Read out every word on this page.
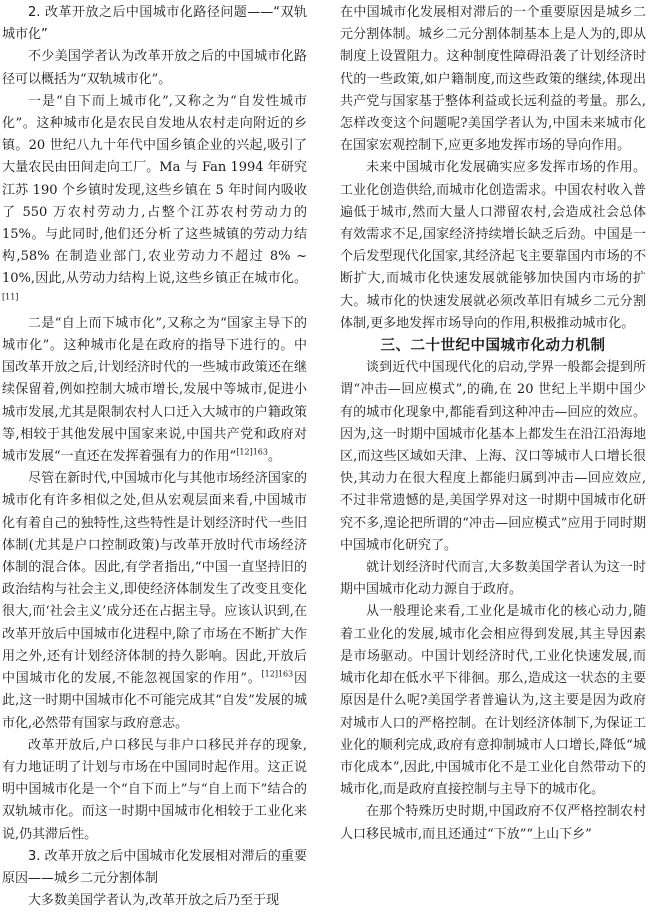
2. 改革开放之后中国城市化路径问题——“双轨城市化”

不少美国学者认为改革开放之后的中国城市化路径可以概括为“双轨城市化”。

一是“自下而上城市化”,又称之为“自发性城市化”。这种城市化是农民自发地从农村走向附近的乡镇。20 世纪八九十年代中国乡镇企业的兴起,吸引了大量农民由田间走向工厂。Ma 与 Fan 1994 年研究江苏 190 个乡镇时发现,这些乡镇在 5 年时间内吸收了 550 万农村劳动力,占整个江苏农村劳动力的 15%。与此同时,他们还分析了这些城镇的劳动力结构,58% 在制造业部门,农业劳动力不超过 8% ~ 10%,因此,从劳动力结构上说,这些乡镇正在城市化。[11]

二是“自上而下城市化”,又称之为“国家主导下的城市化”。这种城市化是在政府的指导下进行的。中国改革开放之后,计划经济时代的一些城市政策还在继续保留着,例如控制大城市增长,发展中等城市,促进小城市发展,尤其是限制农村人口迁入大城市的户籍政策等,相较于其他发展中国家来说,中国共产党和政府对城市发展“一直还在发挥着强有力的作用”$^{[12]163}$。

尽管在新时代,中国城市化与其他市场经济国家的城市化有许多相似之处,但从宏观层面来看,中国城市化有着自己的独特性,这些特性是计划经济时代一些旧体制(尤其是户口控制政策)与改革开放时代市场经济体制的混合体。因此,有学者指出,“中国一直坚持旧的政治结构与社会主义,即使经济体制发生了改变且变化很大,而‘社会主义’成分还在占据主导。应该认识到,在改革开放后中国城市化进程中,除了市场在不断扩大作用之外,还有计划经济体制的持久影响。因此,开放后中国城市化的发展,不能忽视国家的作用”。$^{[12]163}$因此,这一时期中国城市化不可能完成其“自发”发展的城市化,必然带有国家与政府意志。

改革开放后,户口移民与非户口移民并存的现象,有力地证明了计划与市场在中国同时起作用。这正说明中国城市化是一个“自下而上”与“自上而下”结合的双轨城市化。而这一时期中国城市化相较于工业化来说,仍其滞后性。

3. 改革开放之后中国城市化发展相对滞后的重要原因——城乡二元分割体制

大多数美国学者认为,改革开放之后乃至于现

在中国城市化发展相对滞后的一个重要原因是城乡二元分割体制。城乡二元分割体制基本上是人为的,即从制度上设置阻力。这种制度性障碍沿袭了计划经济时代的一些政策,如户籍制度,而这些政策的继续,体现出共产党与国家基于整体利益或长远利益的考量。那么,怎样改变这个问题呢?美国学者认为,中国未来城市化在国家宏观控制下,应更多地发挥市场的导向作用。

未来中国城市化发展确实应多发挥市场的作用。工业化创造供给,而城市化创造需求。中国农村收入普遍低于城市,然而大量人口滞留农村,会造成社会总体有效需求不足,国家经济持续增长缺乏后劲。中国是一个后发型现代化国家,其经济起飞主要靠国内市场的不断扩大,而城市化快速发展就能够加快国内市场的扩大。城市化的快速发展就必须改革旧有城乡二元分割体制,更多地发挥市场导向的作用,积极推动城市化。

三、二十世纪中国城市化动力机制

谈到近代中国现代化的启动,学界一般都会提到所谓“冲击—回应模式”,的确,在 20 世纪上半期中国少有的城市化现象中,都能看到这种冲击—回应的效应。因为,这一时期中国城市化基本上都发生在沿江沿海地区,而这些区域如天津、上海、汉口等城市人口增长很快,其动力在很大程度上都能归属到冲击—回应效应,不过非常遗憾的是,美国学界对这一时期中国城市化研究不多,遑论把所谓的“冲击—回应模式”应用于同时期中国城市化研究了。

就计划经济时代而言,大多数美国学者认为这一时期中国城市化动力源自于政府。

从一般理论来看,工业化是城市化的核心动力,随着工业化的发展,城市化会相应得到发展,其主导因素是市场驱动。中国计划经济时代,工业化快速发展,而城市化却在低水平下徘徊。那么,造成这一状态的主要原因是什么呢?美国学者普遍认为,这主要是因为政府对城市人口的严格控制。在计划经济体制下,为保证工业化的顺利完成,政府有意抑制城市人口增长,降低“城市化成本”,因此,中国城市化不是工业化自然带动下的城市化,而是政府直接控制与主导下的城市化。

在那个特殊历史时期,中国政府不仅严格控制农村人口移民城市,而且还通过“下放”“上山下乡”
